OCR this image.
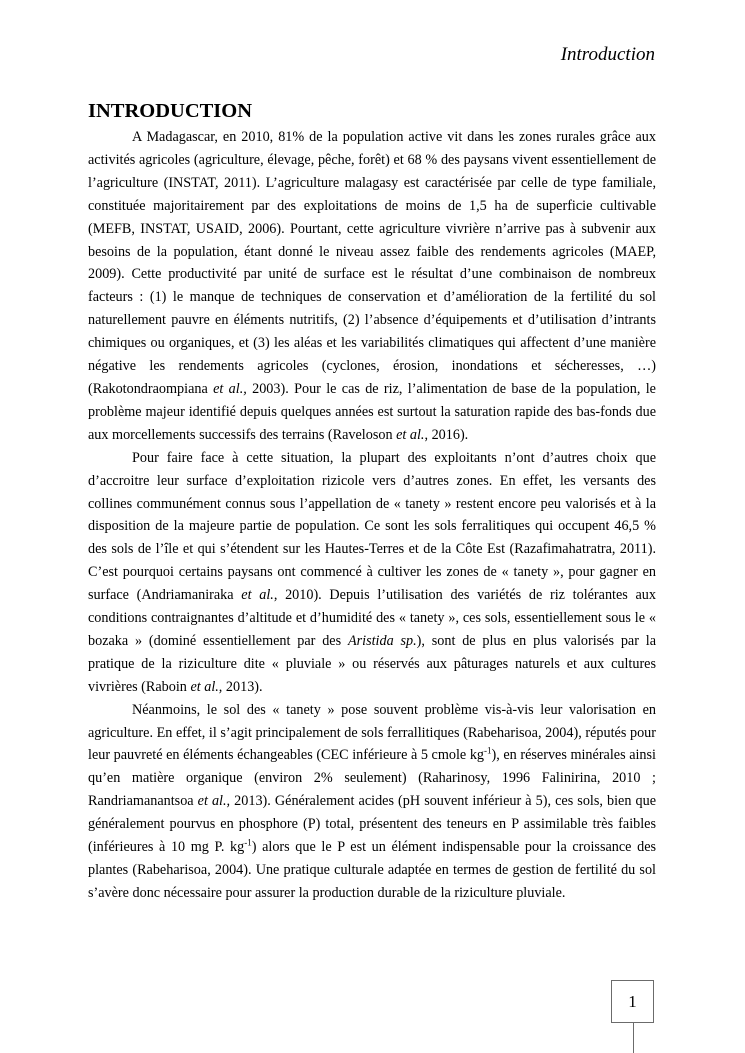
Introduction
INTRODUCTION

A Madagascar, en 2010, 81% de la population active vit dans les zones rurales grâce aux activités agricoles (agriculture, élevage, pêche, forêt) et 68 % des paysans vivent essentiellement de l’agriculture (INSTAT, 2011). L’agriculture malagasy est caractérisée par celle de type familiale, constituée majoritairement par des exploitations de moins de 1,5 ha de superficie cultivable (MEFB, INSTAT, USAID, 2006). Pourtant, cette agriculture vivrière n’arrive pas à subvenir aux besoins de la population, étant donné le niveau assez faible des rendements agricoles (MAEP, 2009). Cette productivité par unité de surface est le résultat d’une combinaison de nombreux facteurs : (1) le manque de techniques de conservation et d’amélioration de la fertilité du sol naturellement pauvre en éléments nutritifs, (2) l’absence d’équipements et d’utilisation d’intrants chimiques ou organiques, et (3) les aléas et les variabilités climatiques qui affectent d’une manière négative les rendements agricoles (cyclones, érosion, inondations et sécheresses, …) (Rakotondraompiana et al., 2003). Pour le cas de riz, l’alimentation de base de la population, le problème majeur identifié depuis quelques années est surtout la saturation rapide des bas-fonds due aux morcellements successifs des terrains (Raveloson et al., 2016).

Pour faire face à cette situation, la plupart des exploitants n’ont d’autres choix que d’accroitre leur surface d’exploitation rizicole vers d’autres zones. En effet, les versants des collines communément connus sous l’appellation de « tanety » restent encore peu valorisés et à la disposition de la majeure partie de population. Ce sont les sols ferralitiques qui occupent 46,5 % des sols de l’île et qui s’étendent sur les Hautes-Terres et de la Côte Est (Razafimahatratra, 2011). C’est pourquoi certains paysans ont commencé à cultiver les zones de « tanety », pour gagner en surface (Andriamaniraka et al., 2010). Depuis l’utilisation des variétés de riz tolérantes aux conditions contraignantes d’altitude et d’humidité des « tanety », ces sols, essentiellement sous le « bozaka » (dominé essentiellement par des Aristida sp.), sont de plus en plus valorisés par la pratique de la riziculture dite « pluviale » ou réservés aux pâturages naturels et aux cultures vivrières (Raboin et al., 2013).

Néanmoins, le sol des « tanety » pose souvent problème vis-à-vis leur valorisation en agriculture. En effet, il s’agit principalement de sols ferrallitiques (Rabeharisoa, 2004), réputés pour leur pauvreté en éléments échangeables (CEC inférieure à 5 cmole $kg^{-1}$), en réserves minérales ainsi qu’en matière organique (environ 2% seulement) (Raharinosy, 1996 Falinirina, 2010 ; Randriamanantsoa et al., 2013). Généralement acides (pH souvent inférieur à 5), ces sols, bien que généralement pourvus en phosphore (P) total, présentent des teneurs en P assimilable très faibles (inférieures à 10 mg P. $kg^{-1}$) alors que le P est un élément indispensable pour la croissance des plantes (Rabeharisoa, 2004). Une pratique culturale adaptée en termes de gestion de fertilité du sol s’avère donc nécessaire pour assurer la production durable de la riziculture pluviale.

1
